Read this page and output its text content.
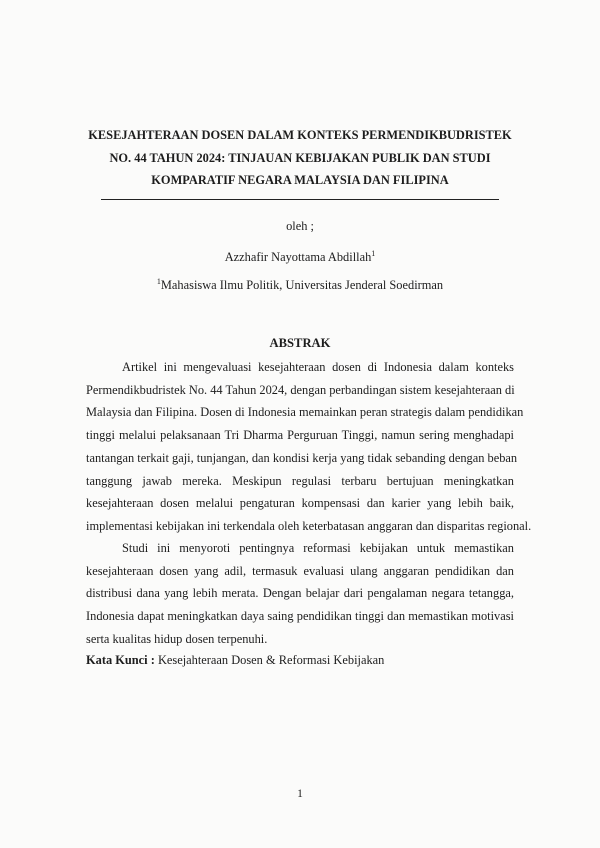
KESEJAHTERAAN DOSEN DALAM KONTEKS PERMENDIKBUDRISTEK
NO. 44 TAHUN 2024: TINJAUAN KEBIJAKAN PUBLIK DAN STUDI
KOMPARATIF NEGARA MALAYSIA DAN FILIPINA
oleh ;
Azzhafir Nayottama Abdillah$^1$
$^1$Mahasiswa Ilmu Politik, Universitas Jenderal Soedirman
ABSTRAK

Artikel ini mengevaluasi kesejahteraan dosen di Indonesia dalam konteks
Permendikbudristek No. 44 Tahun 2024, dengan perbandingan sistem kesejahteraan di
Malaysia dan Filipina. Dosen di Indonesia memainkan peran strategis dalam pendidikan
tinggi melalui pelaksanaan Tri Dharma Perguruan Tinggi, namun sering menghadapi
tantangan terkait gaji, tunjangan, dan kondisi kerja yang tidak sebanding dengan beban
tanggung jawab mereka. Meskipun regulasi terbaru bertujuan meningkatkan
kesejahteraan dosen melalui pengaturan kompensasi dan karier yang lebih baik,
implementasi kebijakan ini terkendala oleh keterbatasan anggaran dan disparitas regional.

Studi ini menyoroti pentingnya reformasi kebijakan untuk memastikan
kesejahteraan dosen yang adil, termasuk evaluasi ulang anggaran pendidikan dan
distribusi dana yang lebih merata. Dengan belajar dari pengalaman negara tetangga,
Indonesia dapat meningkatkan daya saing pendidikan tinggi dan memastikan motivasi
serta kualitas hidup dosen terpenuhi.

Kata Kunci : Kesejahteraan Dosen & Reformasi Kebijakan

1
